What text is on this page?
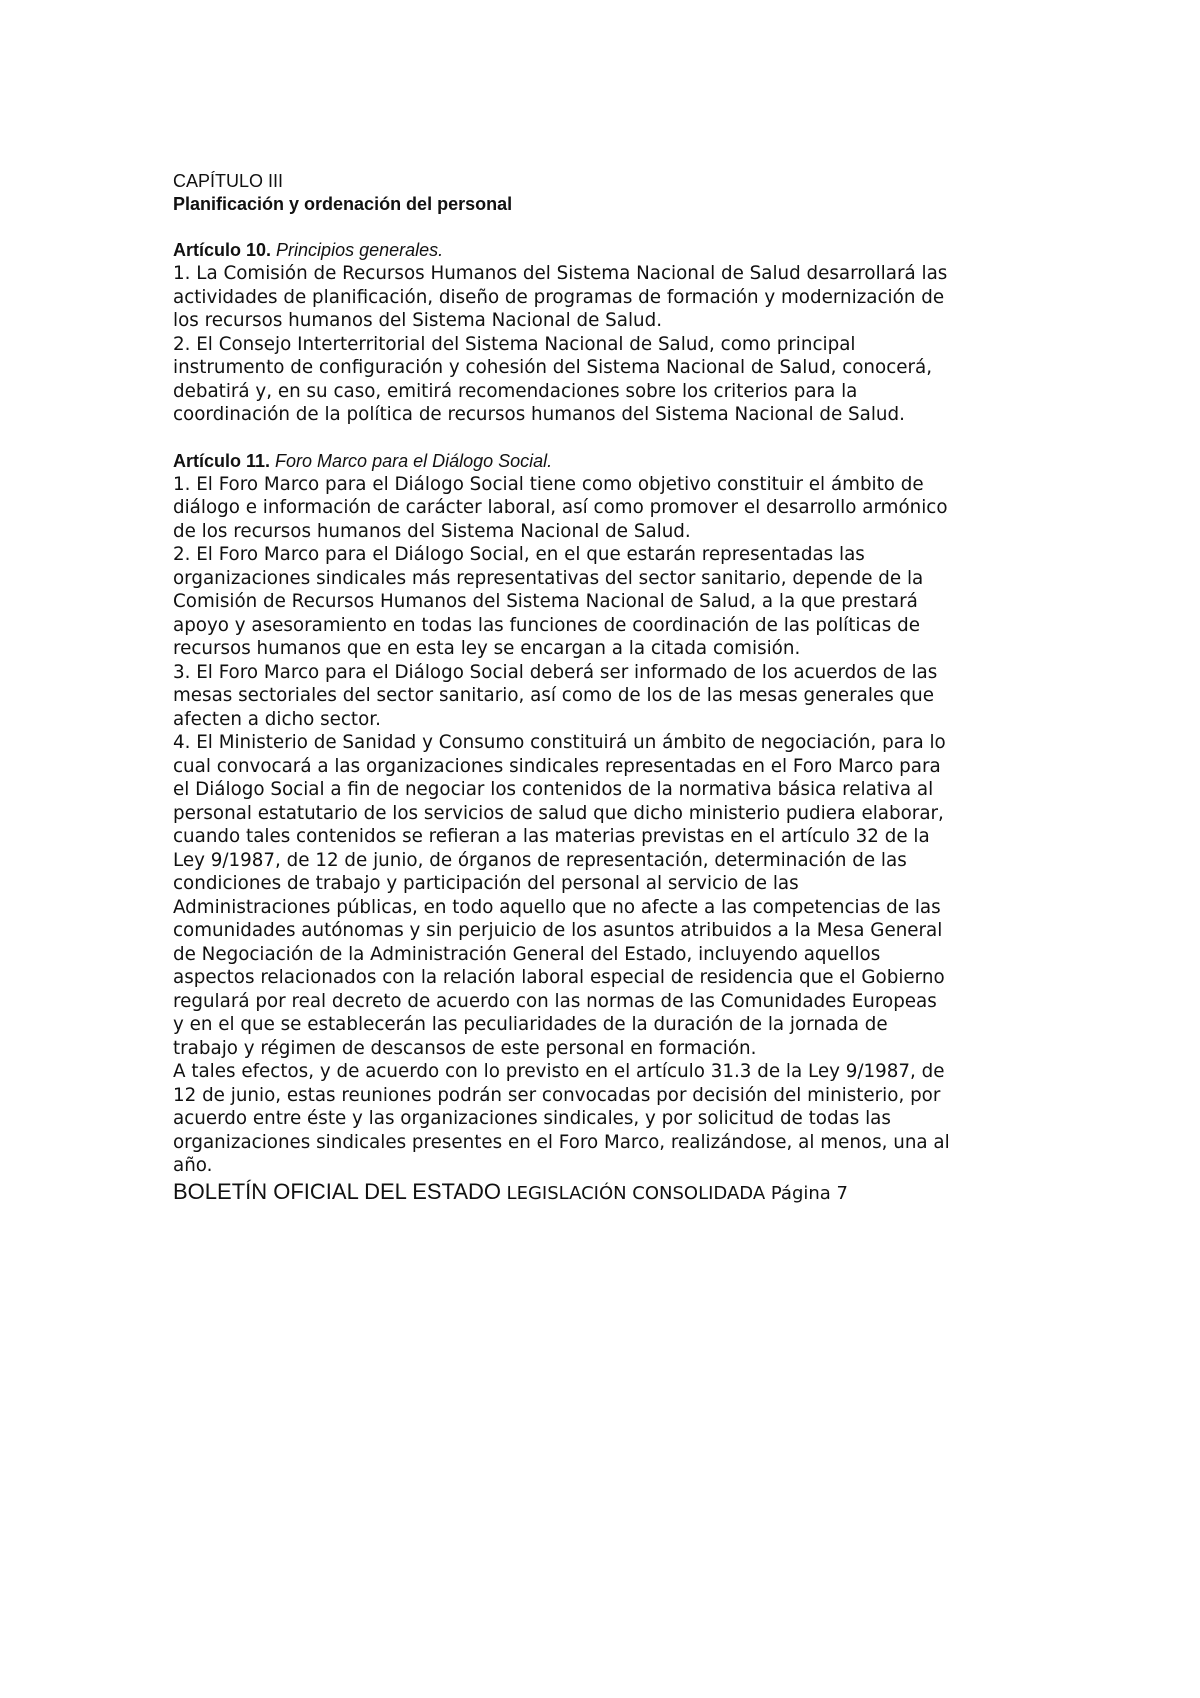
CAPÍTULO III
Planificación y ordenación del personal
Artículo 10. Principios generales.
1. La Comisión de Recursos Humanos del Sistema Nacional de Salud desarrollará las
actividades de planificación, diseño de programas de formación y modernización de
los recursos humanos del Sistema Nacional de Salud.
2. El Consejo Interterritorial del Sistema Nacional de Salud, como principal
instrumento de configuración y cohesión del Sistema Nacional de Salud, conocerá,
debatirá y, en su caso, emitirá recomendaciones sobre los criterios para la
coordinación de la política de recursos humanos del Sistema Nacional de Salud.
Artículo 11. Foro Marco para el Diálogo Social.
1. El Foro Marco para el Diálogo Social tiene como objetivo constituir el ámbito de
diálogo e información de carácter laboral, así como promover el desarrollo armónico
de los recursos humanos del Sistema Nacional de Salud.
2. El Foro Marco para el Diálogo Social, en el que estarán representadas las
organizaciones sindicales más representativas del sector sanitario, depende de la
Comisión de Recursos Humanos del Sistema Nacional de Salud, a la que prestará
apoyo y asesoramiento en todas las funciones de coordinación de las políticas de
recursos humanos que en esta ley se encargan a la citada comisión.
3. El Foro Marco para el Diálogo Social deberá ser informado de los acuerdos de las
mesas sectoriales del sector sanitario, así como de los de las mesas generales que
afecten a dicho sector.
4. El Ministerio de Sanidad y Consumo constituirá un ámbito de negociación, para lo
cual convocará a las organizaciones sindicales representadas en el Foro Marco para
el Diálogo Social a fin de negociar los contenidos de la normativa básica relativa al
personal estatutario de los servicios de salud que dicho ministerio pudiera elaborar,
cuando tales contenidos se refieran a las materias previstas en el artículo 32 de la
Ley 9/1987, de 12 de junio, de órganos de representación, determinación de las
condiciones de trabajo y participación del personal al servicio de las
Administraciones públicas, en todo aquello que no afecte a las competencias de las
comunidades autónomas y sin perjuicio de los asuntos atribuidos a la Mesa General
de Negociación de la Administración General del Estado, incluyendo aquellos
aspectos relacionados con la relación laboral especial de residencia que el Gobierno
regulará por real decreto de acuerdo con las normas de las Comunidades Europeas
y en el que se establecerán las peculiaridades de la duración de la jornada de
trabajo y régimen de descansos de este personal en formación.
A tales efectos, y de acuerdo con lo previsto en el artículo 31.3 de la Ley 9/1987, de
12 de junio, estas reuniones podrán ser convocadas por decisión del ministerio, por
acuerdo entre éste y las organizaciones sindicales, y por solicitud de todas las
organizaciones sindicales presentes en el Foro Marco, realizándose, al menos, una al
año.
BOLETÍN OFICIAL DEL ESTADO LEGISLACIÓN CONSOLIDADA Página 7
